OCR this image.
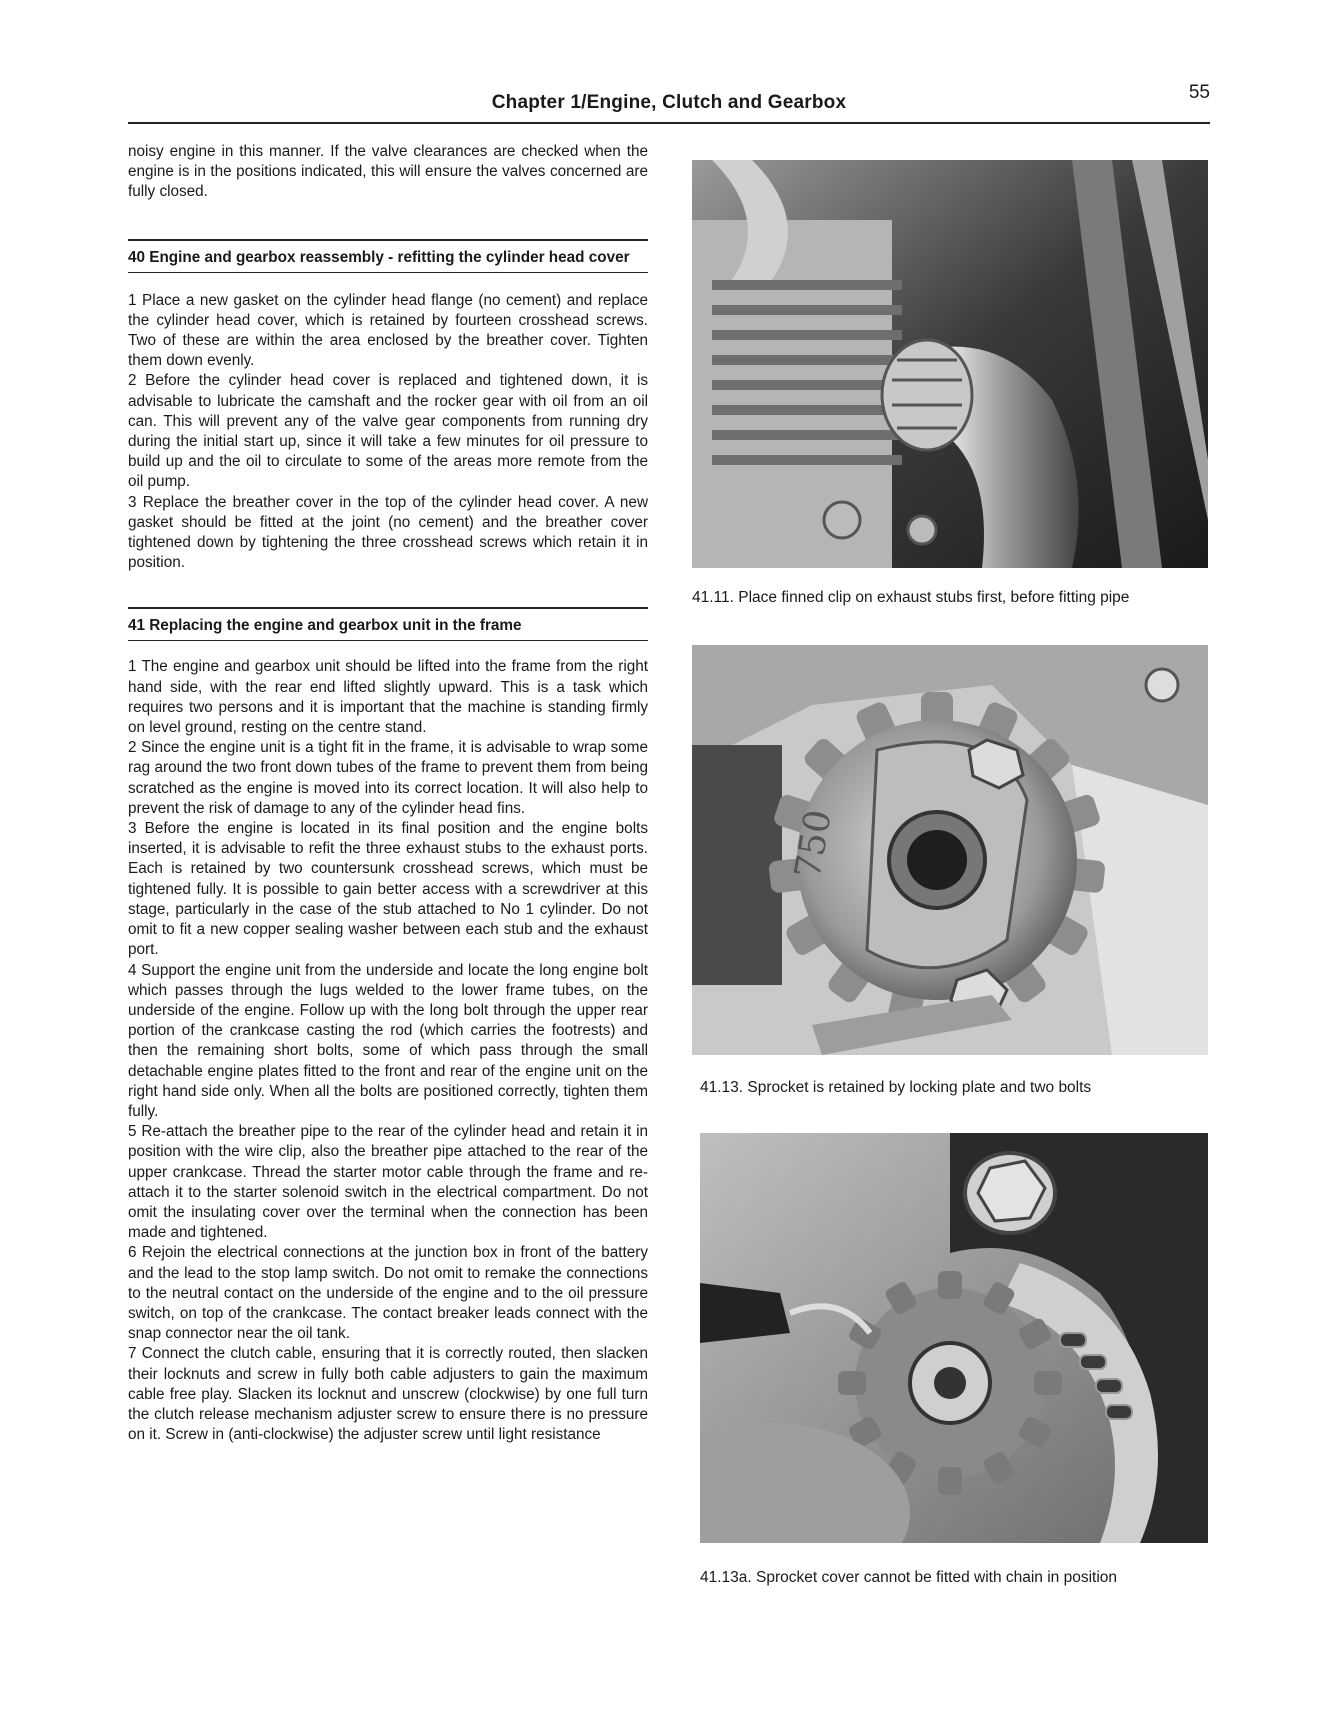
Chapter 1/Engine, Clutch and Gearbox	55

noisy engine in this manner. If the valve clearances are checked when the engine is in the positions indicated, this will ensure the valves concerned are fully closed.

40 Engine and gearbox reassembly - refitting the cylinder head cover

1 Place a new gasket on the cylinder head flange (no cement) and replace the cylinder head cover, which is retained by fourteen crosshead screws. Two of these are within the area enclosed by the breather cover. Tighten them down evenly.

2 Before the cylinder head cover is replaced and tightened down, it is advisable to lubricate the camshaft and the rocker gear with oil from an oil can. This will prevent any of the valve gear components from running dry during the initial start up, since it will take a few minutes for oil pressure to build up and the oil to circulate to some of the areas more remote from the oil pump.

3 Replace the breather cover in the top of the cylinder head cover. A new gasket should be fitted at the joint (no cement) and the breather cover tightened down by tightening the three crosshead screws which retain it in position.

41 Replacing the engine and gearbox unit in the frame

1 The engine and gearbox unit should be lifted into the frame from the right hand side, with the rear end lifted slightly upward. This is a task which requires two persons and it is important that the machine is standing firmly on level ground, resting on the centre stand.

2 Since the engine unit is a tight fit in the frame, it is advisable to wrap some rag around the two front down tubes of the frame to prevent them from being scratched as the engine is moved into its correct location. It will also help to prevent the risk of damage to any of the cylinder head fins.

3 Before the engine is located in its final position and the engine bolts inserted, it is advisable to refit the three exhaust stubs to the exhaust ports. Each is retained by two countersunk crosshead screws, which must be tightened fully. It is possible to gain better access with a screwdriver at this stage, particularly in the case of the stub attached to No 1 cylinder. Do not omit to fit a new copper sealing washer between each stub and the exhaust port.

4 Support the engine unit from the underside and locate the long engine bolt which passes through the lugs welded to the lower frame tubes, on the underside of the engine. Follow up with the long bolt through the upper rear portion of the crankcase casting the rod (which carries the footrests) and then the remaining short bolts, some of which pass through the small detachable engine plates fitted to the front and rear of the engine unit on the right hand side only. When all the bolts are positioned correctly, tighten them fully.

5 Re-attach the breather pipe to the rear of the cylinder head and retain it in position with the wire clip, also the breather pipe attached to the rear of the upper crankcase. Thread the starter motor cable through the frame and re-attach it to the starter solenoid switch in the electrical compartment. Do not omit the insulating cover over the terminal when the connection has been made and tightened.

6 Rejoin the electrical connections at the junction box in front of the battery and the lead to the stop lamp switch. Do not omit to remake the connections to the neutral contact on the underside of the engine and to the oil pressure switch, on top of the crankcase. The contact breaker leads connect with the snap connector near the oil tank.

7 Connect the clutch cable, ensuring that it is correctly routed, then slacken their locknuts and screw in fully both cable adjusters to gain the maximum cable free play. Slacken its locknut and unscrew (clockwise) by one full turn the clutch release mechanism adjuster screw to ensure there is no pressure on it. Screw in (anti-clockwise) the adjuster screw until light resistance

41.11. Place finned clip on exhaust stubs first, before fitting pipe
750
41.13. Sprocket is retained by locking plate and two bolts
41.13a. Sprocket cover cannot be fitted with chain in position
